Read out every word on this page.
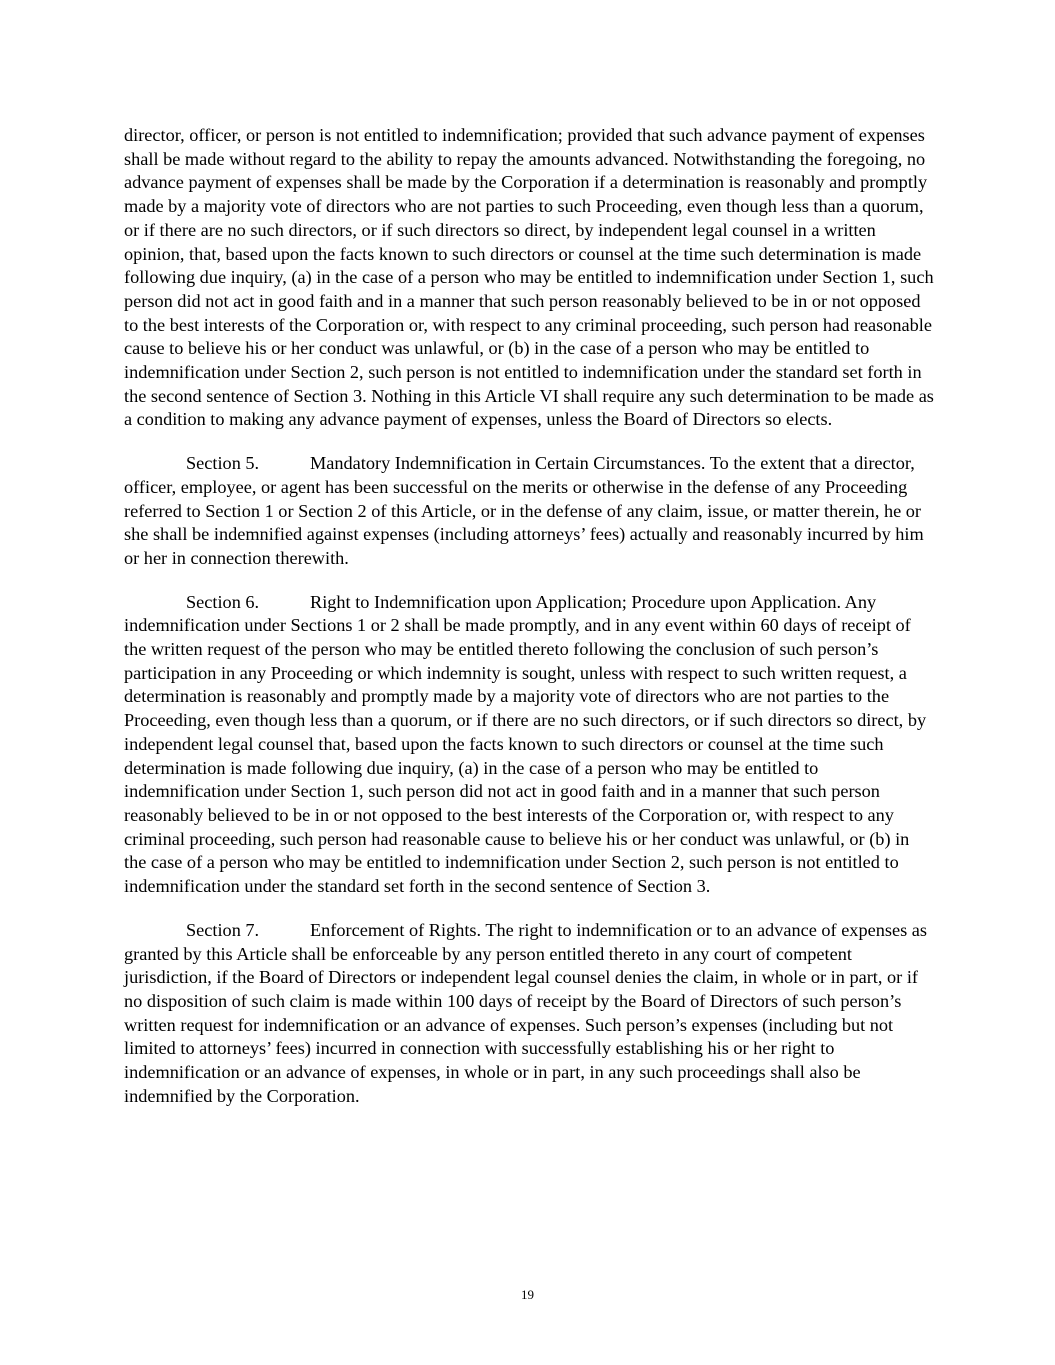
director, officer, or person is not entitled to indemnification; provided that such advance payment of expenses shall be made without regard to the ability to repay the amounts advanced. Notwithstanding the foregoing, no advance payment of expenses shall be made by the Corporation if a determination is reasonably and promptly made by a majority vote of directors who are not parties to such Proceeding, even though less than a quorum, or if there are no such directors, or if such directors so direct, by independent legal counsel in a written opinion, that, based upon the facts known to such directors or counsel at the time such determination is made following due inquiry, (a) in the case of a person who may be entitled to indemnification under Section 1, such person did not act in good faith and in a manner that such person reasonably believed to be in or not opposed to the best interests of the Corporation or, with respect to any criminal proceeding, such person had reasonable cause to believe his or her conduct was unlawful, or (b) in the case of a person who may be entitled to indemnification under Section 2, such person is not entitled to indemnification under the standard set forth in the second sentence of Section 3. Nothing in this Article VI shall require any such determination to be made as a condition to making any advance payment of expenses, unless the Board of Directors so elects.

Section 5.	Mandatory Indemnification in Certain Circumstances. To the extent that a director, officer, employee, or agent has been successful on the merits or otherwise in the defense of any Proceeding referred to Section 1 or Section 2 of this Article, or in the defense of any claim, issue, or matter therein, he or she shall be indemnified against expenses (including attorneys’ fees) actually and reasonably incurred by him or her in connection therewith.

Section 6.	Right to Indemnification upon Application; Procedure upon Application. Any indemnification under Sections 1 or 2 shall be made promptly, and in any event within 60 days of receipt of the written request of the person who may be entitled thereto following the conclusion of such person’s participation in any Proceeding or which indemnity is sought, unless with respect to such written request, a determination is reasonably and promptly made by a majority vote of directors who are not parties to the Proceeding, even though less than a quorum, or if there are no such directors, or if such directors so direct, by independent legal counsel that, based upon the facts known to such directors or counsel at the time such determination is made following due inquiry, (a) in the case of a person who may be entitled to indemnification under Section 1, such person did not act in good faith and in a manner that such person reasonably believed to be in or not opposed to the best interests of the Corporation or, with respect to any criminal proceeding, such person had reasonable cause to believe his or her conduct was unlawful, or (b) in the case of a person who may be entitled to indemnification under Section 2, such person is not entitled to indemnification under the standard set forth in the second sentence of Section 3.

Section 7.	Enforcement of Rights. The right to indemnification or to an advance of expenses as granted by this Article shall be enforceable by any person entitled thereto in any court of competent jurisdiction, if the Board of Directors or independent legal counsel denies the claim, in whole or in part, or if no disposition of such claim is made within 100 days of receipt by the Board of Directors of such person’s written request for indemnification or an advance of expenses. Such person’s expenses (including but not limited to attorneys’ fees) incurred in connection with successfully establishing his or her right to indemnification or an advance of expenses, in whole or in part, in any such proceedings shall also be indemnified by the Corporation.

19
